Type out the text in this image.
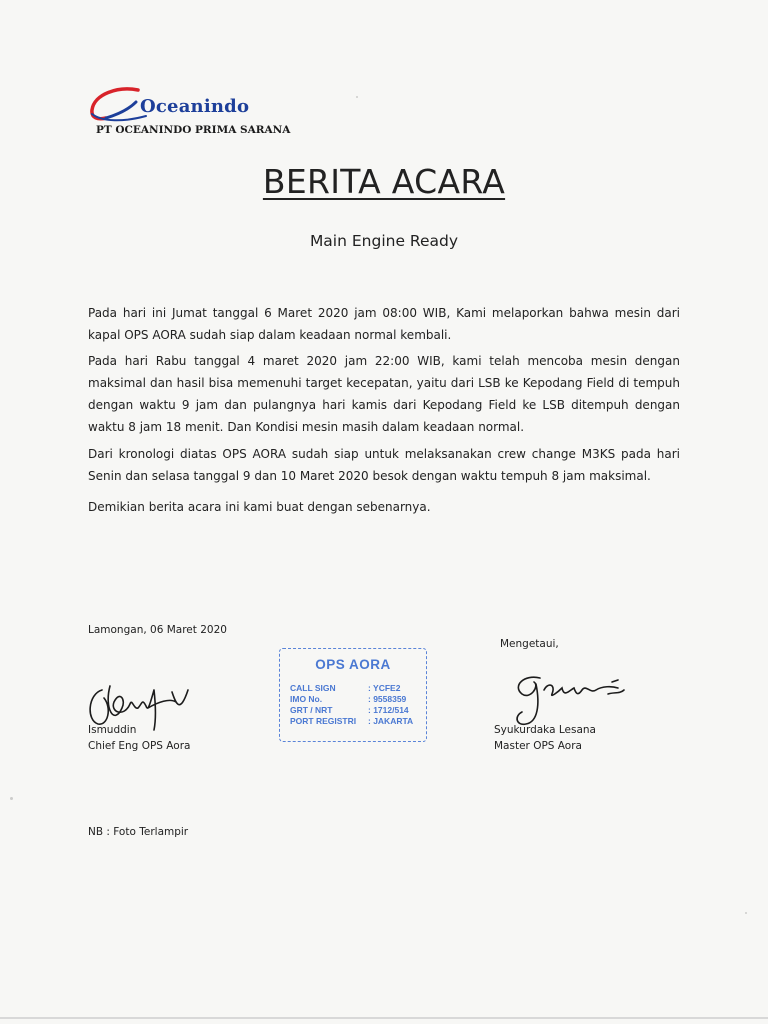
Oceanindo
PT OCEANINDO PRIMA SARANA
BERITA ACARA
Main Engine Ready

Pada hari ini Jumat tanggal 6 Maret 2020 jam 08:00 WIB, Kami melaporkan bahwa mesin dari kapal OPS AORA sudah siap dalam keadaan normal kembali.

Pada hari Rabu tanggal 4 maret 2020 jam 22:00 WIB, kami telah mencoba mesin dengan maksimal dan hasil bisa memenuhi target kecepatan, yaitu dari LSB ke Kepodang Field di tempuh dengan waktu 9 jam dan pulangnya hari kamis dari Kepodang Field ke LSB ditempuh dengan waktu 8 jam 18 menit. Dan Kondisi mesin masih dalam keadaan normal.

Dari kronologi diatas OPS AORA sudah siap untuk melaksanakan crew change M3KS pada hari Senin dan selasa tanggal 9 dan 10 Maret 2020 besok dengan waktu tempuh 8 jam maksimal.

Demikian berita acara ini kami buat dengan sebenarnya.

Lamongan, 06 Maret 2020
Mengetaui,
OPS AORA
CALL SIGN	: YCFE2
IMO No.	: 9558359
GRT / NRT	: 1712/514
PORT REGISTRI : JAKARTA
Ismuddin
Chief Eng OPS Aora
Syukurdaka Lesana
Master OPS Aora
NB : Foto Terlampir
